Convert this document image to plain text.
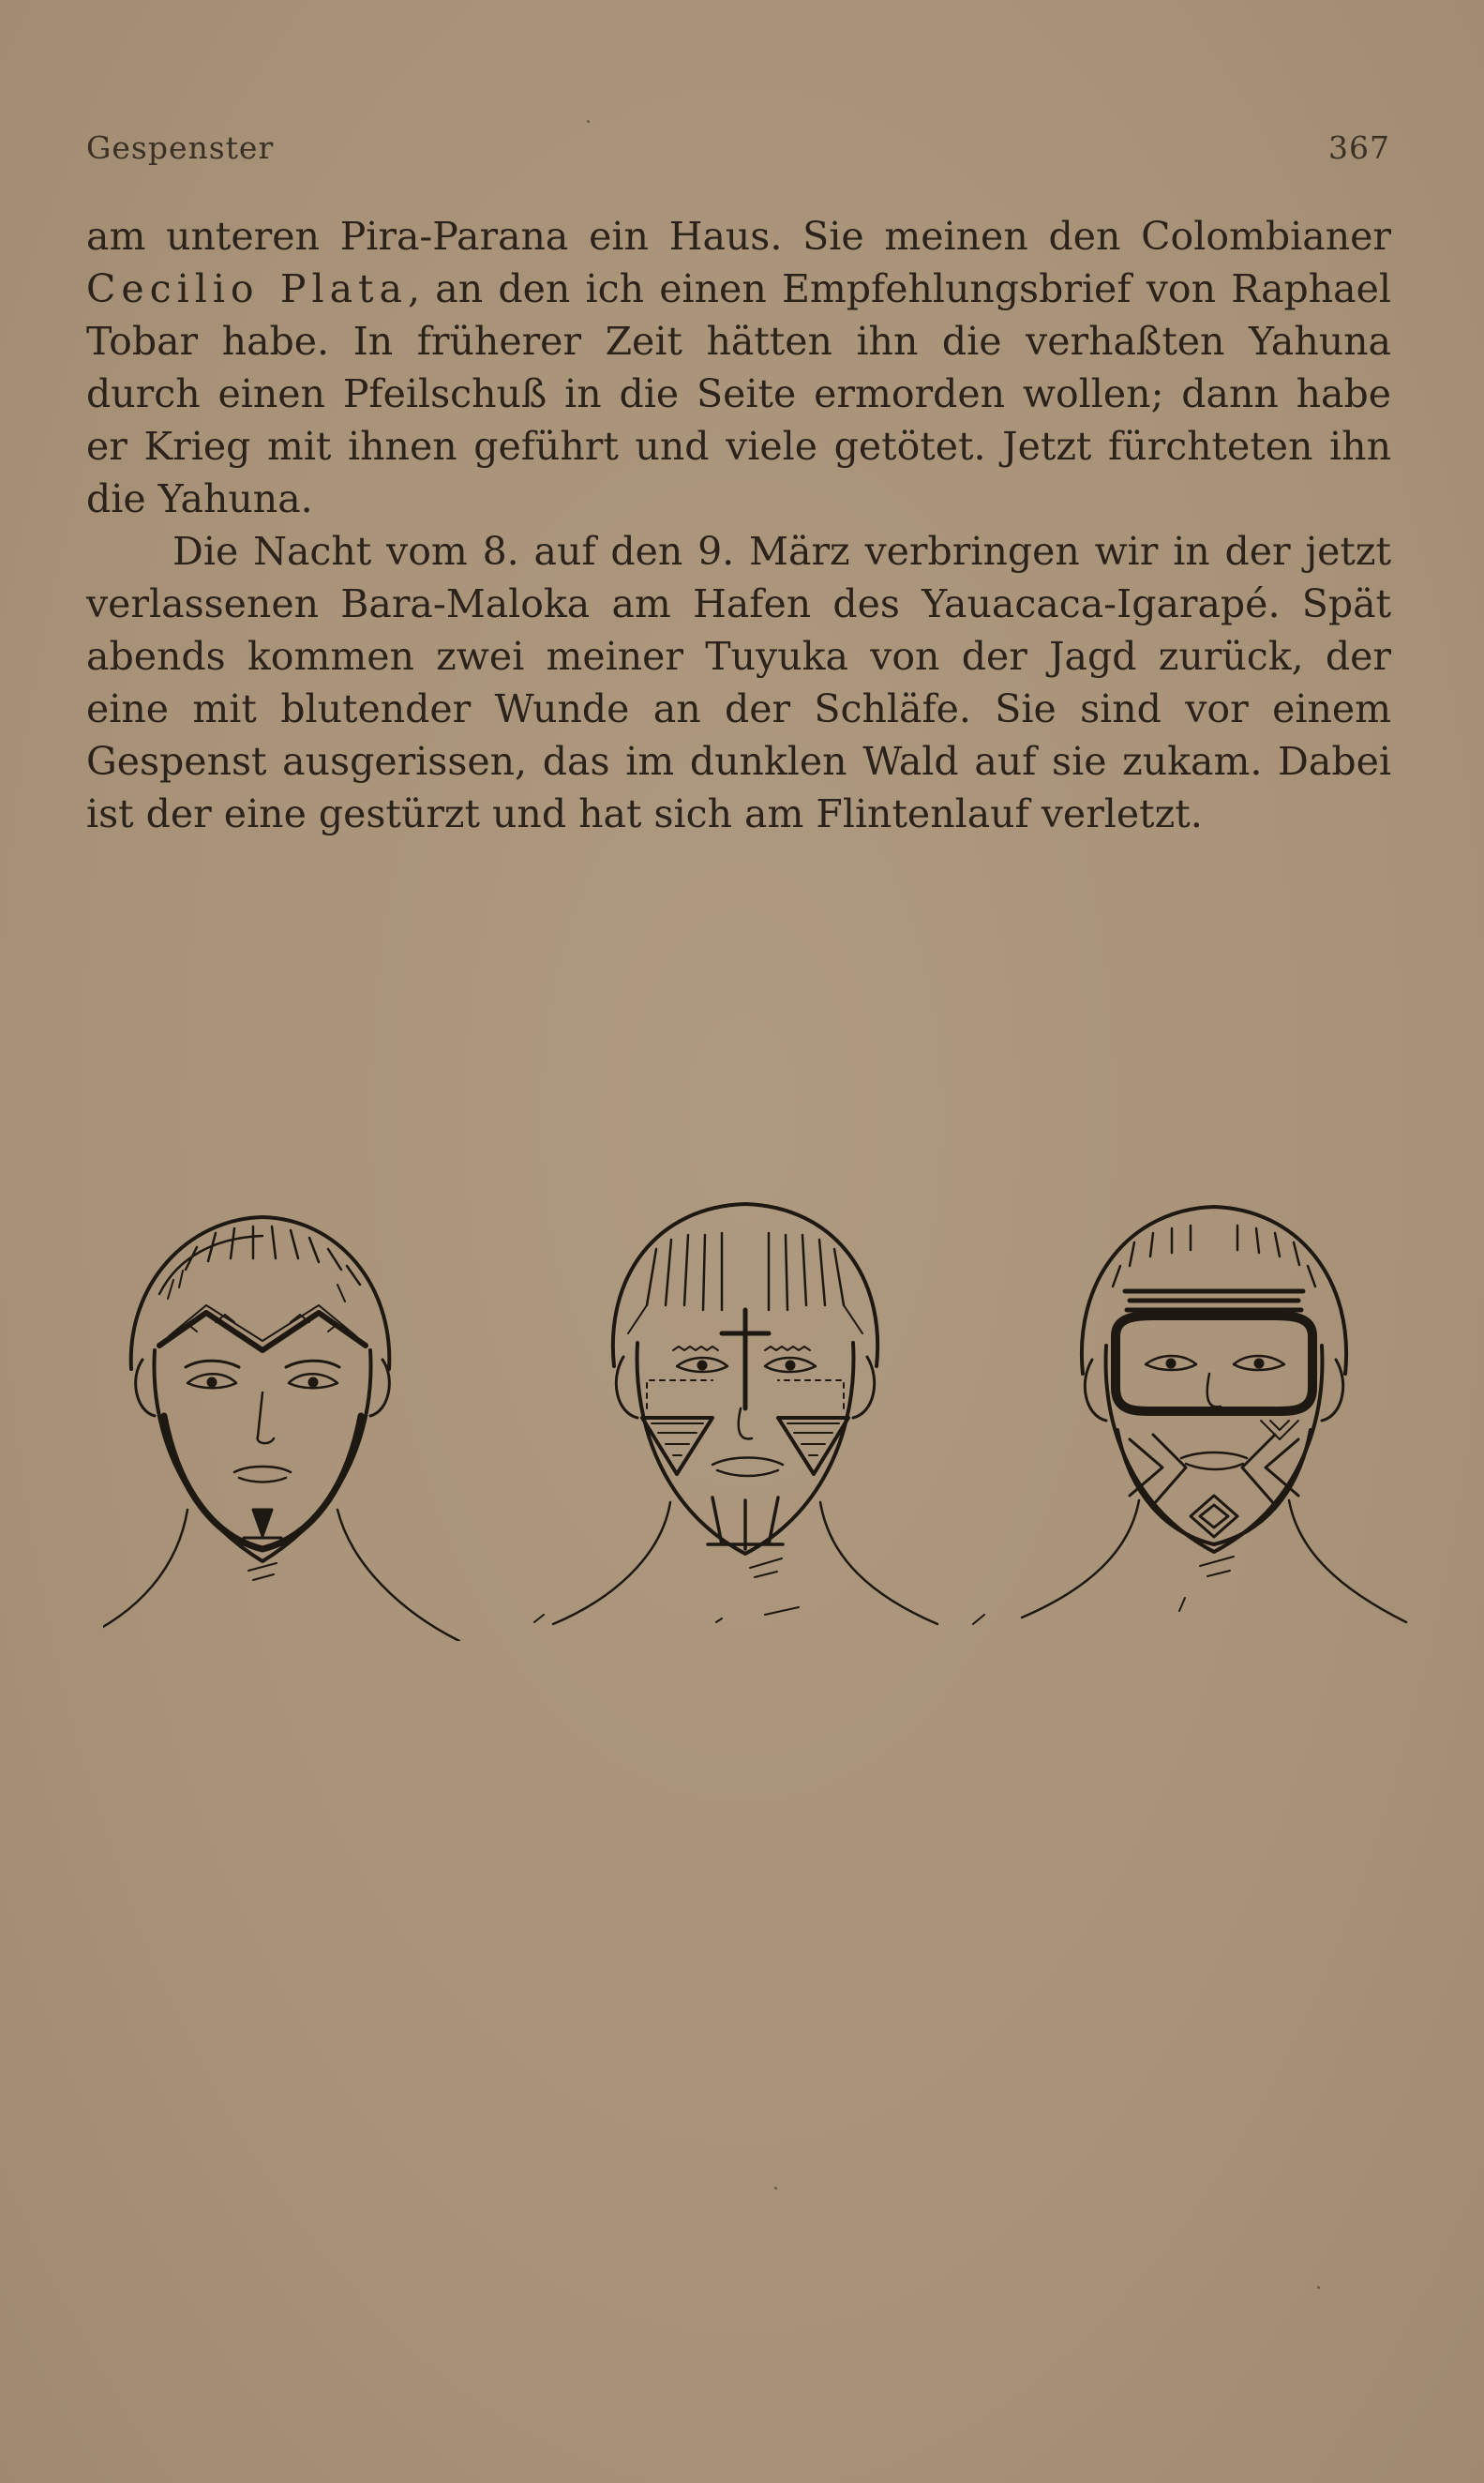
Gespenster	367

am unteren Pira-Parana ein Haus. Sie meinen den Colombianer Cecilio Plata, an den ich einen Empfehlungsbrief von Raphael Tobar habe. In früherer Zeit hätten ihn die verhaßten Yahuna durch einen Pfeilschuß in die Seite ermorden wollen; dann habe er Krieg mit ihnen geführt und viele getötet. Jetzt fürchteten ihn die Yahuna.

Die Nacht vom 8. auf den 9. März verbringen wir in der jetzt verlassenen Bara-Maloka am Hafen des Yauacaca-Igarapé. Spät abends kommen zwei meiner Tuyuka von der Jagd zurück, der eine mit blutender Wunde an der Schläfe. Sie sind vor einem Gespenst ausgerissen, das im dunklen Wald auf sie zukam. Dabei ist der eine gestürzt und hat sich am Flintenlauf verletzt.
